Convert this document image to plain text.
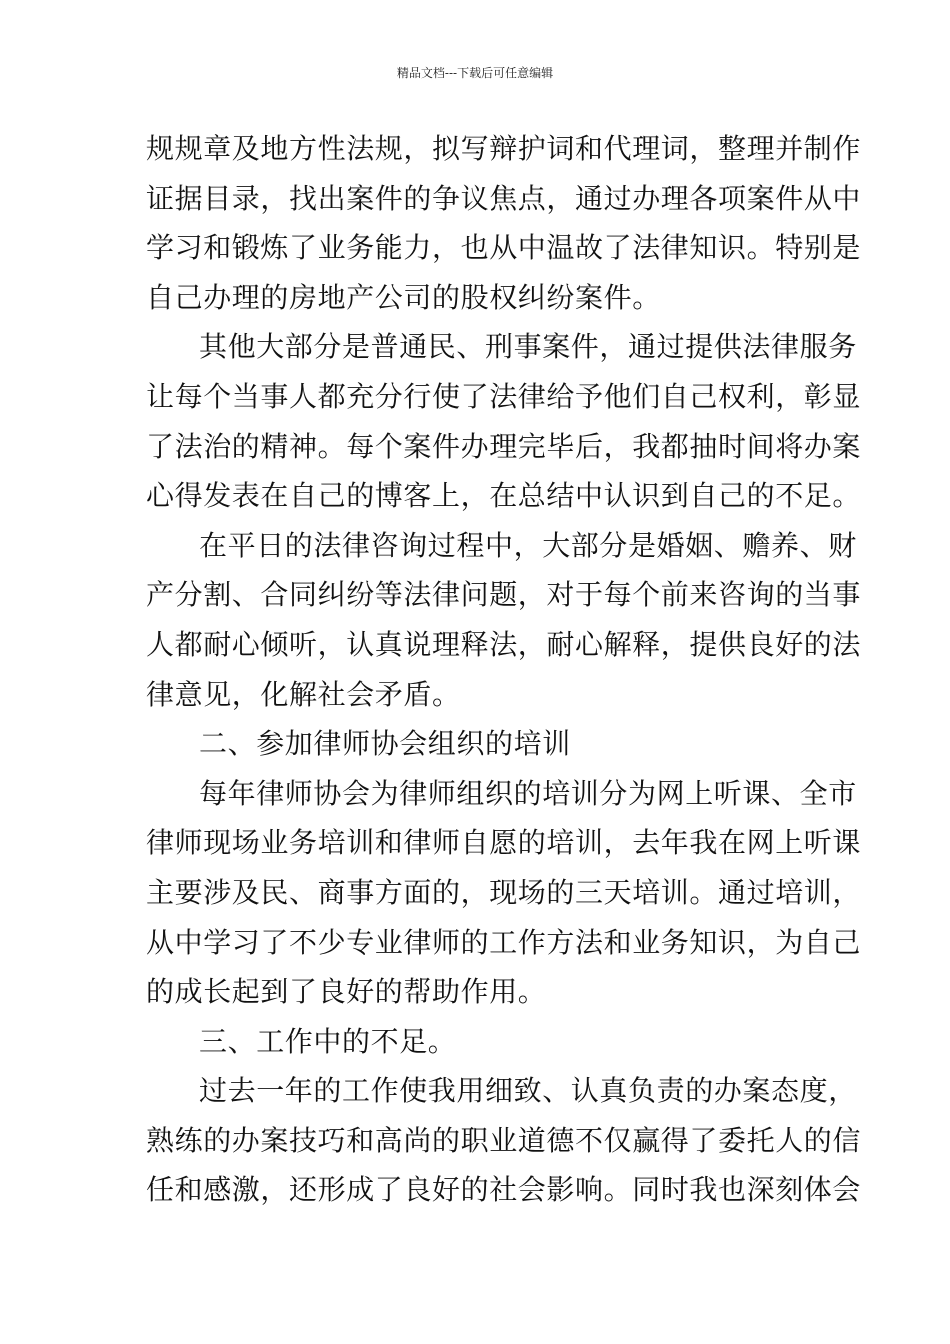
精品文档---下载后可任意编辑
规规章及地方性法规，拟写辩护词和代理词，整理并制作
证据目录，找出案件的争议焦点，通过办理各项案件从中
学习和锻炼了业务能力，也从中温故了法律知识。特别是
自己办理的房地产公司的股权纠纷案件。
其他大部分是普通民、刑事案件，通过提供法律服务
让每个当事人都充分行使了法律给予他们自己权利，彰显
了法治的精神。每个案件办理完毕后，我都抽时间将办案
心得发表在自己的博客上，在总结中认识到自己的不足。
在平日的法律咨询过程中，大部分是婚姻、赡养、财
产分割、合同纠纷等法律问题，对于每个前来咨询的当事
人都耐心倾听，认真说理释法，耐心解释，提供良好的法
律意见，化解社会矛盾。
二、参加律师协会组织的培训
每年律师协会为律师组织的培训分为网上听课、全市
律师现场业务培训和律师自愿的培训，去年我在网上听课
主要涉及民、商事方面的，现场的三天培训。通过培训，
从中学习了不少专业律师的工作方法和业务知识，为自己
的成长起到了良好的帮助作用。
三、工作中的不足。
过去一年的工作使我用细致、认真负责的办案态度，
熟练的办案技巧和高尚的职业道德不仅赢得了委托人的信
任和感激，还形成了良好的社会影响。同时我也深刻体会
